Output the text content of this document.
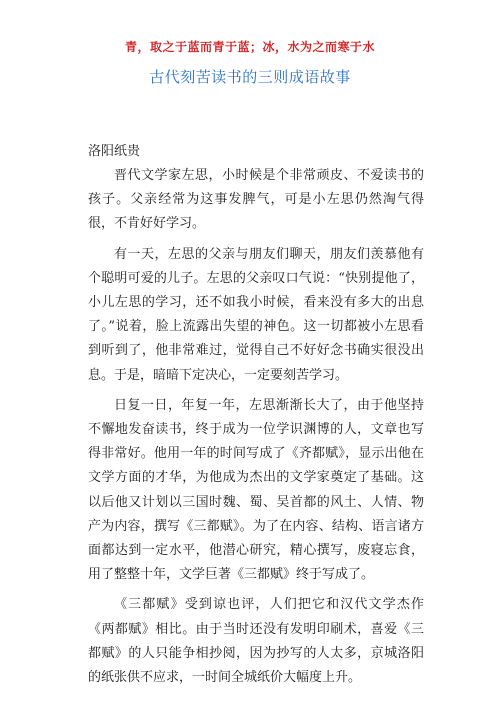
青，取之于蓝而青于蓝；冰，水为之而寒于水
古代刻苦读书的三则成语故事
洛阳纸贵

晋代文学家左思，小时候是个非常顽皮、不爱读书的孩子。父亲经常为这事发脾气，可是小左思仍然淘气得很，不肯好好学习。

有一天，左思的父亲与朋友们聊天，朋友们羡慕他有个聪明可爱的儿子。左思的父亲叹口气说：“快别提他了，小儿左思的学习，还不如我小时候，看来没有多大的出息了。”说着，脸上流露出失望的神色。这一切都被小左思看到听到了，他非常难过，觉得自己不好好念书确实很没出息。于是，暗暗下定决心，一定要刻苦学习。

日复一日，年复一年，左思渐渐长大了，由于他坚持不懈地发奋读书，终于成为一位学识渊博的人，文章也写得非常好。他用一年的时间写成了《齐都赋》，显示出他在文学方面的才华，为他成为杰出的文学家奠定了基础。这以后他又计划以三国时魏、蜀、吴首都的风土、人情、物产为内容，撰写《三都赋》。为了在内容、结构、语言诸方面都达到一定水平，他潜心研究，精心撰写，废寝忘食，用了整整十年，文学巨著《三都赋》终于写成了。

《三都赋》受到谅也评，人们把它和汉代文学杰作《两都赋》相比。由于当时还没有发明印刷术，喜爱《三都赋》的人只能争相抄阅，因为抄写的人太多，京城洛阳的纸张供不应求，一时间全城纸价大幅度上升。
